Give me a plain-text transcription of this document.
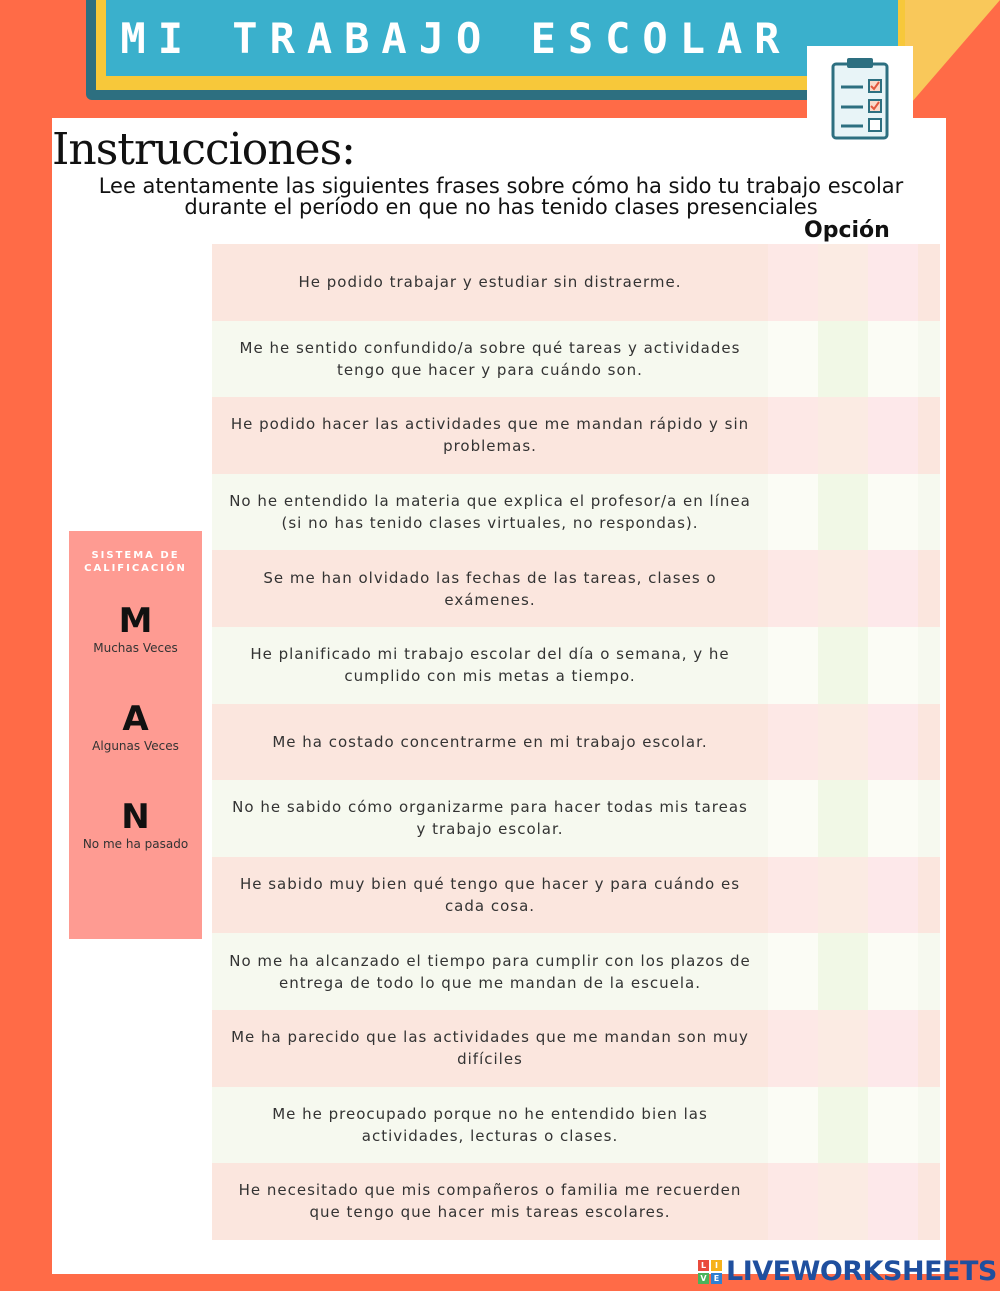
MI TRABAJO ESCOLAR
Instrucciones:
Lee atentamente las siguientes frases sobre cómo ha sido tu trabajo escolar durante el período en que no has tenido clases presenciales
Opción
He podido trabajar y estudiar sin distraerme.
Me he sentido confundido/a sobre qué tareas y actividades tengo que hacer y para cuándo son.
He podido hacer las actividades que me mandan rápido y sin problemas.
No he entendido la materia que explica el profesor/a en línea (si no has tenido clases virtuales, no respondas).
Se me han olvidado las fechas de las tareas, clases o exámenes.
He planificado mi trabajo escolar del día o semana, y he cumplido con mis metas a tiempo.
Me ha costado concentrarme en mi trabajo escolar.
No he sabido cómo organizarme para hacer todas mis tareas y trabajo escolar.
He sabido muy bien qué tengo que hacer y para cuándo es cada cosa.
No me ha alcanzado el tiempo para cumplir con los plazos de entrega de todo lo que me mandan de la escuela.
Me ha parecido que las actividades que me mandan son muy difíciles
Me he preocupado porque no he entendido bien las actividades, lecturas o clases.
He necesitado que mis compañeros o familia me recuerden que tengo que hacer mis tareas escolares.
SISTEMA DE CALIFICACIÓN
M
Muchas Veces
A
Algunas Veces
N
No me ha pasado
L	I
V E LIVEWORKSHEETS
